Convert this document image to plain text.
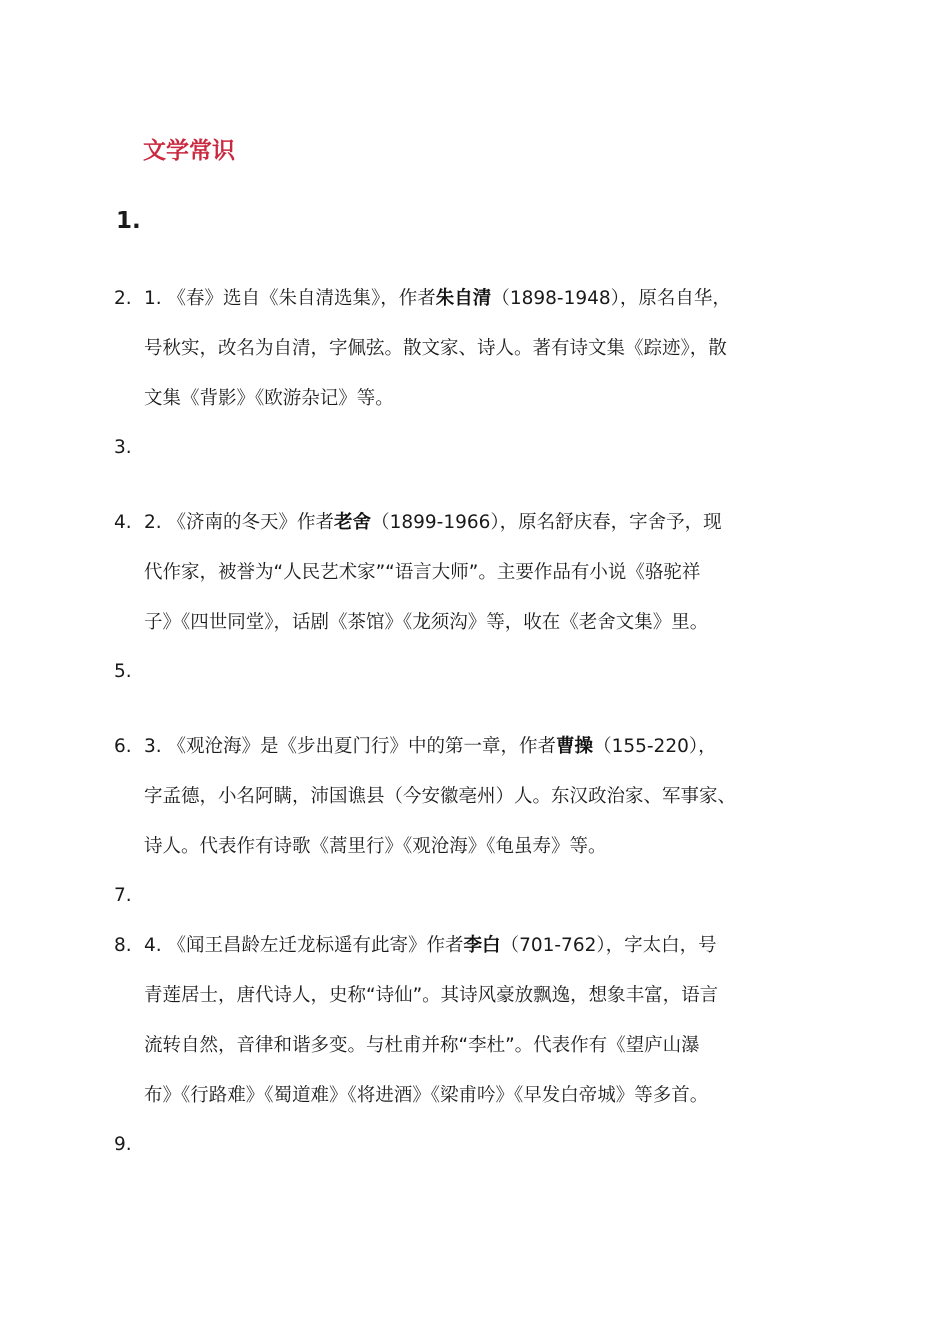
文学常识
1.
2. 1. 《春》选自《朱自清选集》，作者朱自清（1898-1948），原名自华，
号秋实，改名为自清，字佩弦。散文家、诗人。著有诗文集《踪迹》，散
文集《背影》《欧游杂记》等。
3.
4. 2. 《济南的冬天》作者老舍（1899-1966），原名舒庆春，字舍予，现
代作家，被誉为“人民艺术家”“语言大师”。主要作品有小说《骆驼祥
子》《四世同堂》，话剧《茶馆》《龙须沟》等，收在《老舍文集》里。
5.
6. 3. 《观沧海》是《步出夏门行》中的第一章，作者曹操（155-220），
字孟德，小名阿瞒，沛国谯县（今安徽亳州）人。东汉政治家、军事家、
诗人。代表作有诗歌《蒿里行》《观沧海》《龟虽寿》等。
7.
8. 4. 《闻王昌龄左迁龙标遥有此寄》作者李白（701-762），字太白，号
青莲居士，唐代诗人，史称“诗仙”。其诗风豪放飘逸，想象丰富，语言
流转自然，音律和谐多变。与杜甫并称“李杜”。代表作有《望庐山瀑
布》《行路难》《蜀道难》《将进酒》《梁甫吟》《早发白帝城》等多首。
9.
